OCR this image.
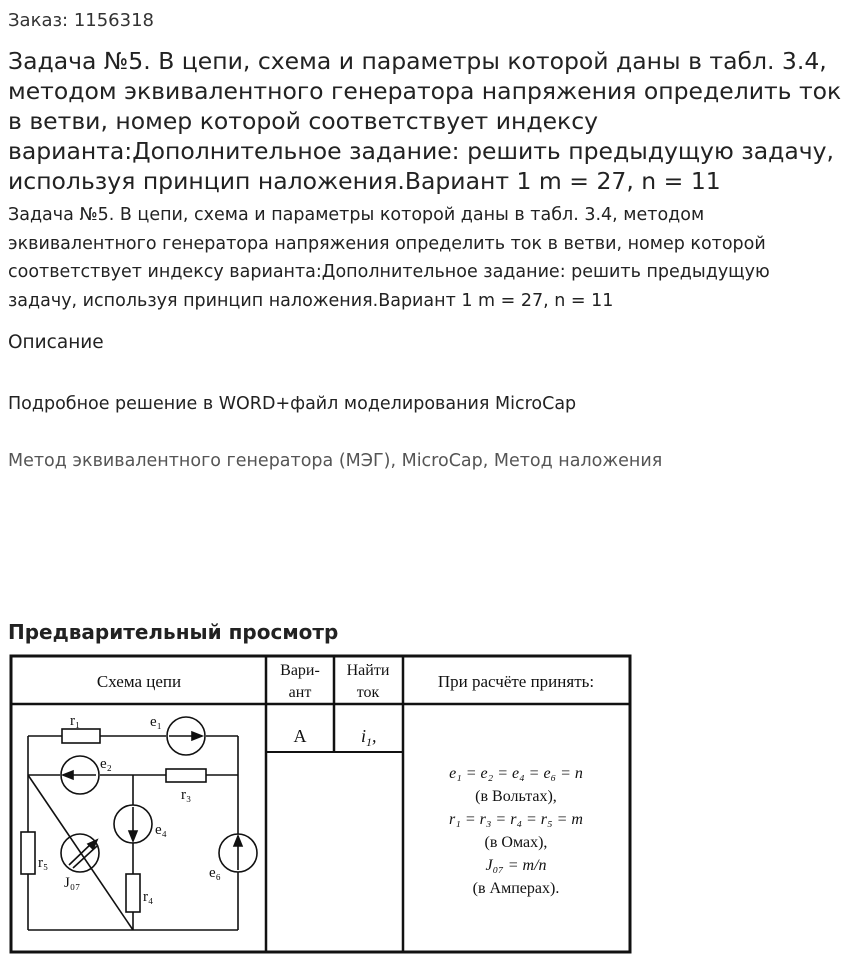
Заказ: 1156318
Задача №5. В цепи, схема и параметры которой даны в табл. 3.4, методом эквивалентного генератора напряжения определить ток в ветви, номер которой соответствует индексу варианта:Дополнительное задание: решить предыдущую задачу, используя принцип наложения.Вариант 1 m = 27, n = 11
Задача №5. В цепи, схема и параметры которой даны в табл. 3.4, методом эквивалентного генератора напряжения определить ток в ветви, номер которой соответствует индексу варианта:Дополнительное задание: решить предыдущую задачу, используя принцип наложения.Вариант 1 m = 27, n = 11
Описание
Подробное решение в WORD+файл моделирования MicroCap
Метод эквивалентного генератора (МЭГ), MicroCap, Метод наложения
Предварительный просмотр
Схема цепи
Вари-
ант
Найти
ток
При расчёте принять:
A	$i_1$,
e₁ = e₂ = e₄ = e₆ = n
(в Вольтах),
r₁ = r₃ = r₄ = r₅ = m
(в Омах),
J₀₇ = m/n
(в Амперах).
r₁	e₁
e₂
r₃
e₄
r₅
J₀₇
r₄
e₆
